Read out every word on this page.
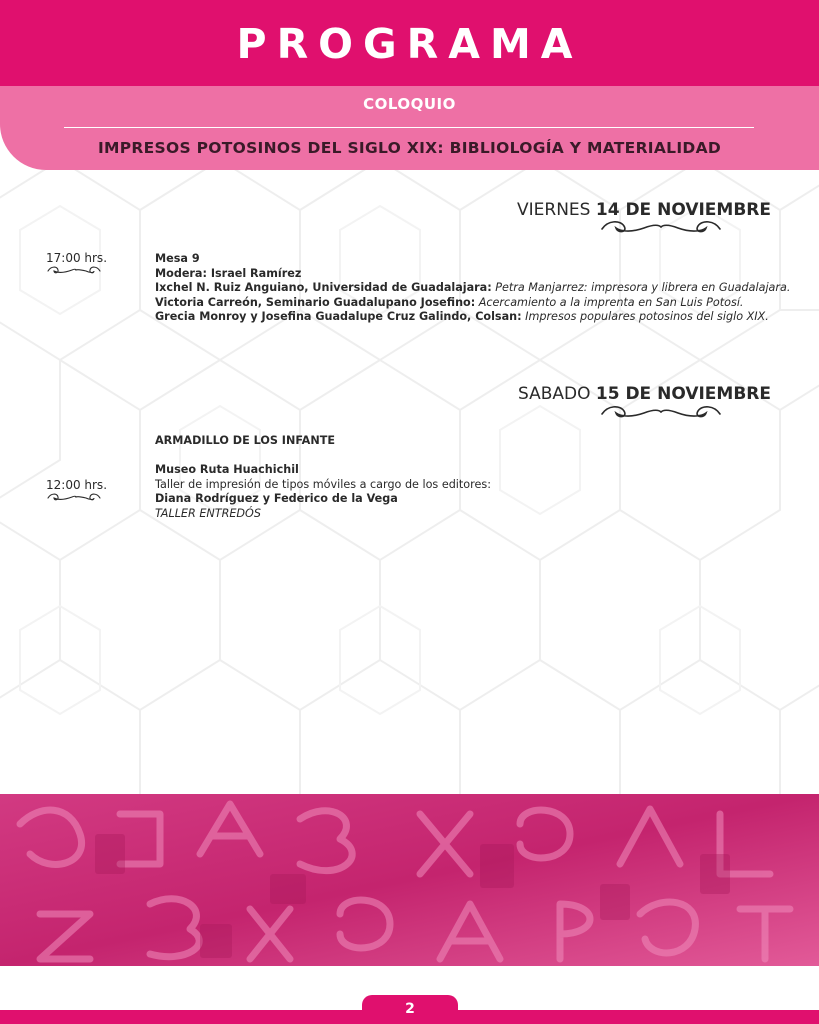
PROGRAMA
COLOQUIO
IMPRESOS POTOSINOS DEL SIGLO XIX: BIBLIOLOGÍA Y MATERIALIDAD
VIERNES 14 DE NOVIEMBRE
17:00 hrs.	Mesa 9
Modera: Israel Ramírez
Ixchel N. Ruiz Anguiano, Universidad de Guadalajara: Petra Manjarrez: impresora y librera en Guadalajara.
Victoria Carreón, Seminario Guadalupano Josefino: Acercamiento a la imprenta en San Luis Potosí.
Grecia Monroy y Josefina Guadalupe Cruz Galindo, Colsan: Impresos populares potosinos del siglo XIX.
SABADO 15 DE NOVIEMBRE
ARMADILLO DE LOS INFANTE
12:00 hrs.
Museo Ruta Huachichil
Taller de impresión de tipos móviles a cargo de los editores:
Diana Rodríguez y Federico de la Vega
TALLER ENTREDÓS
2
